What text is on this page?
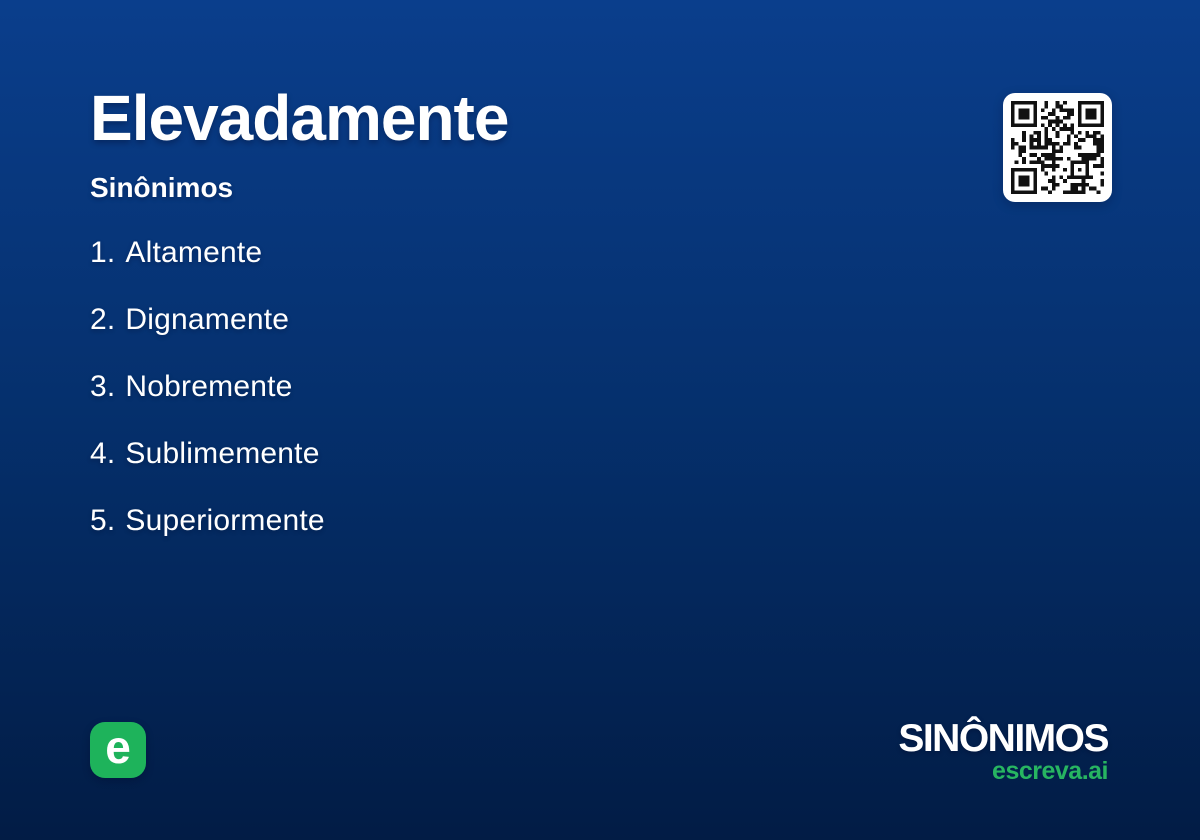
Elevadamente
Sinônimos
1. Altamente
2. Dignamente
3. Nobremente
4. Sublimemente
5. Superiormente
e	SINÔNIMOS
escreva.ai
